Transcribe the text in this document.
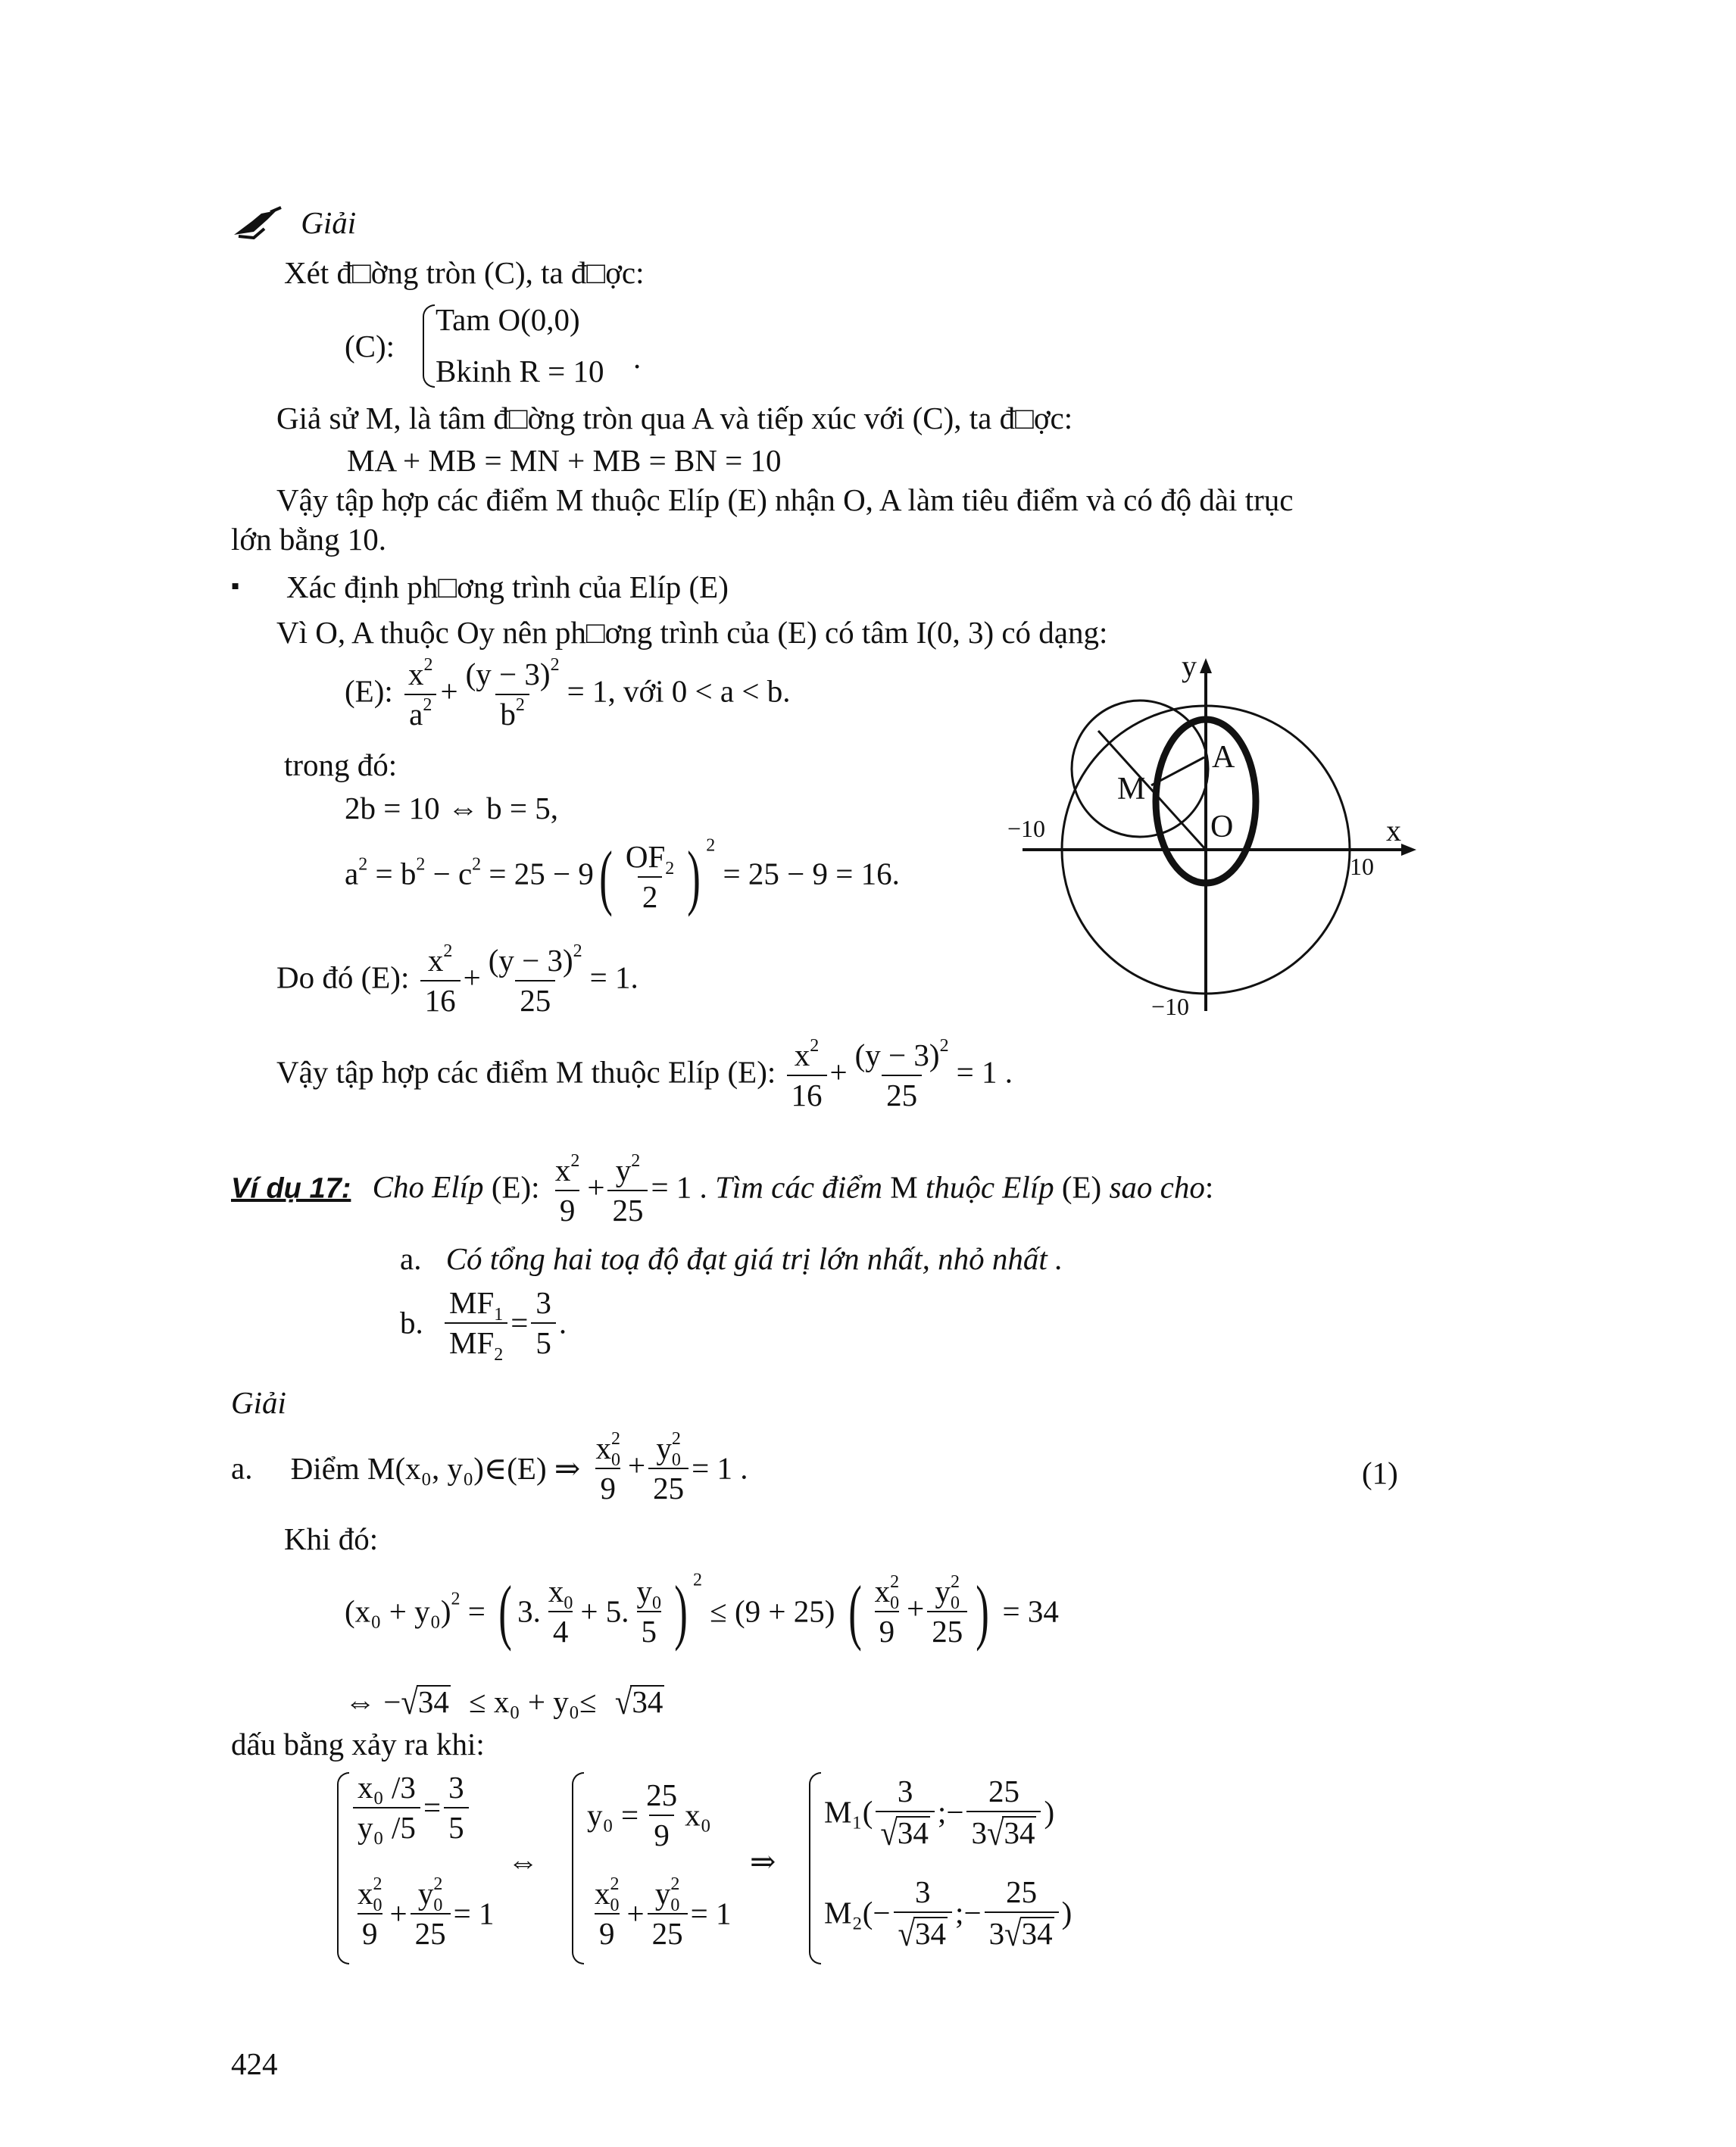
Giải
Xét đ□ờng tròn (C), ta đ□ợc:
(C):
Tam O(0,0)
Bkinh R = 10 .
Giả sử M, là tâm đ□ờng tròn qua A và tiếp xúc với (C), ta đ□ợc:
MA + MB = MN + MB = BN = 10
Vậy tập hợp các điểm M thuộc Elíp (E) nhận O, A làm tiêu điểm và có độ dài trục
lớn bằng 10.
▪ Xác định ph□ơng trình của Elíp (E)
Vì O, A thuộc Oy nên ph□ơng trình của (E) có tâm I(0, 3) có dạng:
(E): $\frac{x^2}{a^2} + \frac{(y - 3)^2}{b^2} = 1$, với 0 < a < b.
trong đó:
2b = 10 ⇔ b = 5,
$a^2 = b^2 - c^2 = 25 - 9( \frac{OF_2}{2}$ ) $^2$ = 25 − 9 = 16.
Do đó (E): $\frac{x^2}{16} + \frac{(y - 3)^2}{25} = 1$.
Vậy tập hợp các điểm M thuộc Elíp (E): $\frac{x^2}{16} + \frac{(y - 3)^2}{25} = 1$ .
y
x
A
M
O
−10
10
−10
Ví dụ 17: Cho Elíp (E): $\frac{x^2}{9} + \frac{y^2}{25} = 1$ . Tìm các điểm M thuộc Elíp (E) sao cho:
a. Có tổng hai toạ độ đạt giá trị lớn nhất, nhỏ nhất .
b. $\frac{MF_1}{MF_2} = \frac{3}{5}$ .
Giải
a. Điểm M(x₀, y₀)∈(E) ⇒ $\frac{x_0^2}{9} + \frac{y_0^2}{25} = 1$ .	(1)
Khi đó:
$(x_0 + y_0)^2$ = ( 3. $\frac{x_0}{4} + 5$. $\frac{y_0}{5}$ ) $^2$ ≤ (9 + 25) ( $\frac{x_0^2}{9} + \frac{y_0^2}{25}$ ) = 34
⇔ −√34 ≤ x₀ + y₀≤ √34
dấu bằng xảy ra khi:
$\frac{\text{x₀ /3}}{\text{y₀ /5}} = \frac{3}{5}$
$\frac{x_0^2}{9} + \frac{y_0^2}{25} = 1$
⇔
$y_0 = \frac{25}{9} x_0$
$\frac{x_0^2}{9} + \frac{y_0^2}{25} = 1$
⇒
$M_1( \frac{3}{√34}$ ;− $\frac{25}{3√34}$ )
$M_2(- \frac{3}{√34}$ ;− $\frac{25}{3√34}$ )
424
